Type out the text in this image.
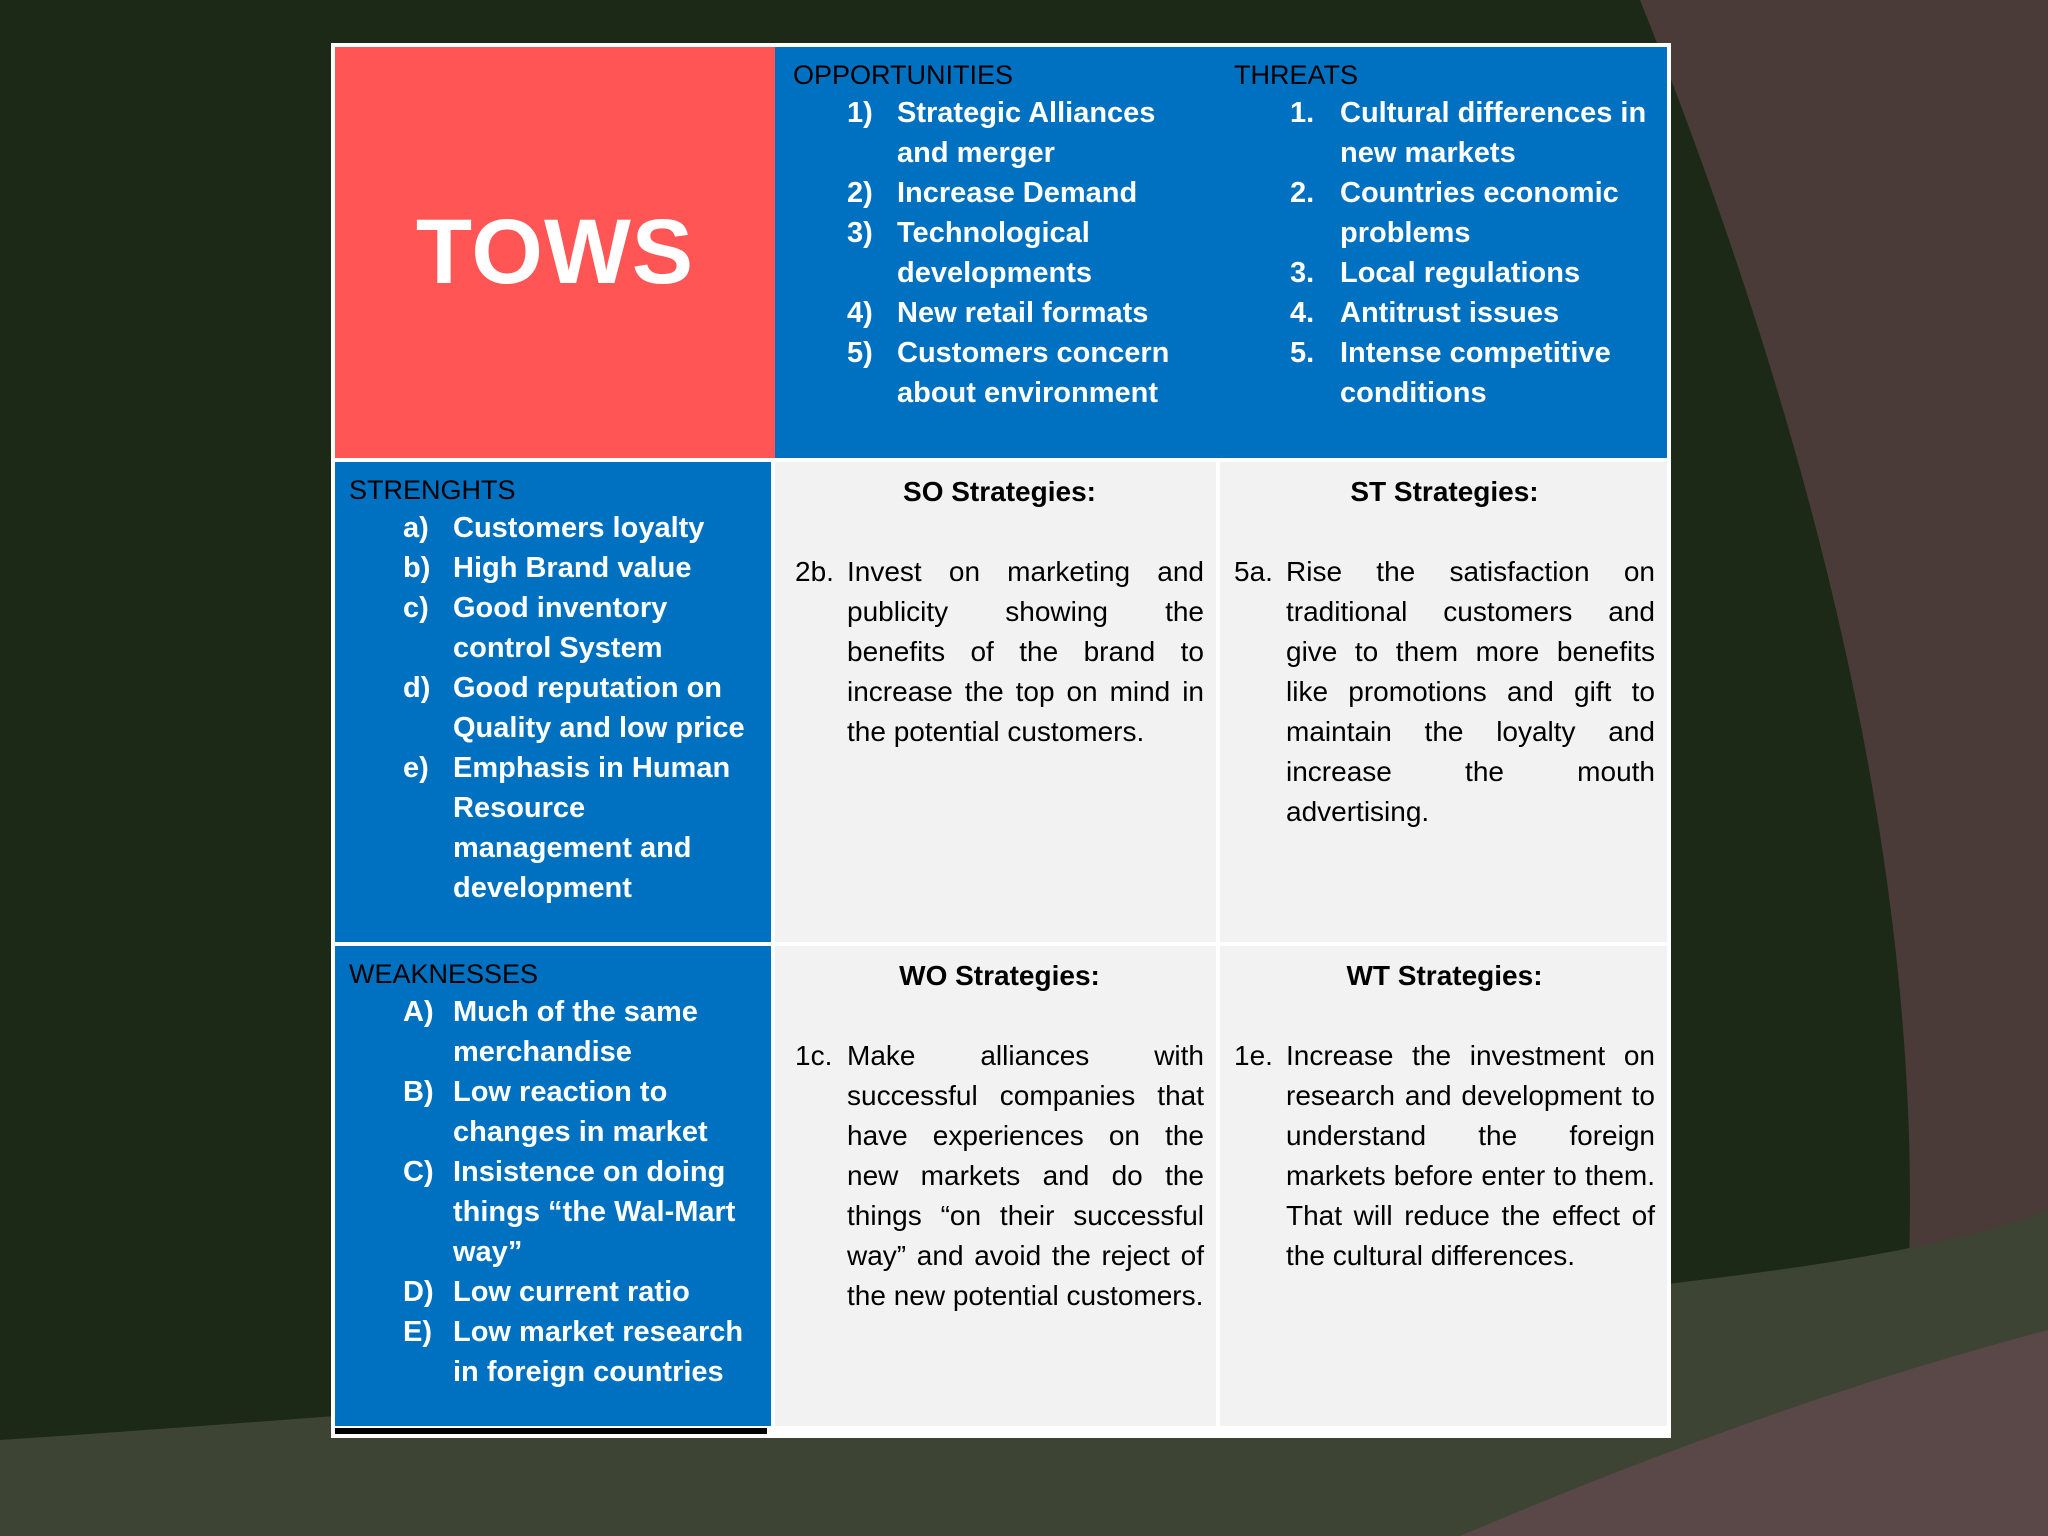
TOWS

OPPORTUNITIES

1) Strategic Alliances and merger
2) Increase Demand
3) Technological developments
4) New retail formats
5) Customers concern about environment

THREATS

1. Cultural differences in new markets
2. Countries economic problems
3. Local regulations
4. Antitrust issues
5. Intense competitive conditions

STRENGHTS

a) Customers loyalty
b) High Brand value
c) Good inventory control System
d) Good reputation on Quality and low price
e) Emphasis in Human Resource management and development

SO Strategies:

2b. Invest on marketing and publicity showing the benefits of the brand to increase the top on mind in the potential customers.

ST Strategies:

5a. Rise the satisfaction on traditional customers and give to them more benefits like promotions and gift to maintain the loyalty and increase the mouth advertising.

WEAKNESSES

A) Much of the same merchandise
B) Low reaction to changes in market
C) Insistence on doing things “the Wal-Mart way”
D) Low current ratio
E) Low market research in foreign countries

WO Strategies:

1c. Make alliances with successful companies that have experiences on the new markets and do the things “on their successful way” and avoid the reject of the new potential customers.

WT Strategies:

1e. Increase the investment on research and development to understand the foreign markets before enter to them. That will reduce the effect of the cultural differences.
